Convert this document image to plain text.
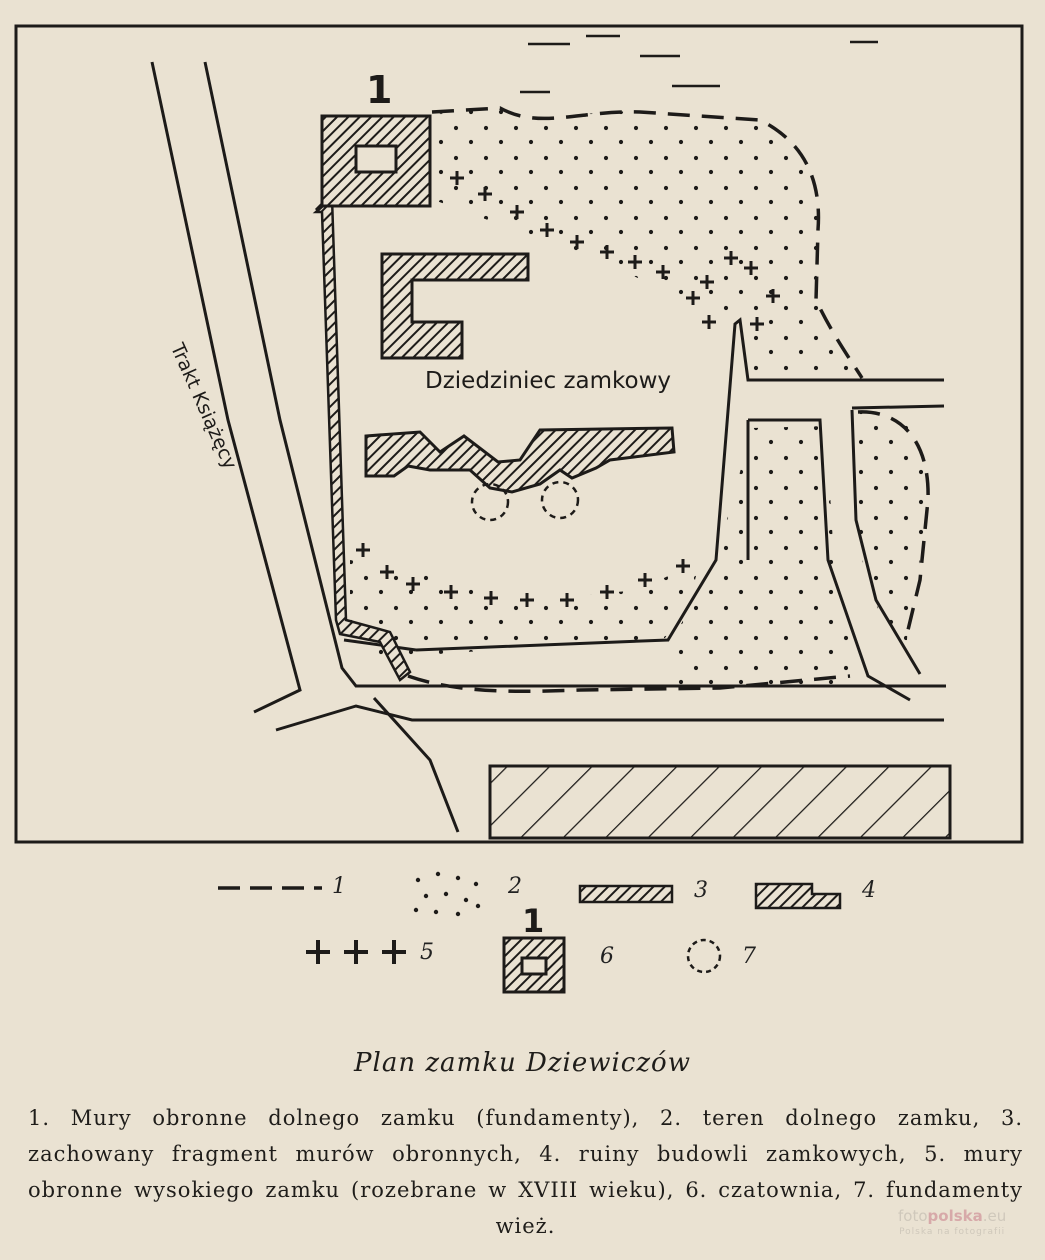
Dziedziniec zamkowy
Trakt Książęcy
1
1	2	3	4
5	6	7
1
Plan zamku Dziewiczów
1. Mury obronne dolnego zamku (fundamenty), 2. teren dolnego zamku, 3. zachowany fragment murów obronnych, 4. ruiny budowli zamkowych, 5. mury obronne wysokiego zamku (rozebrane w XVIII wieku), 6. czatownia, 7. fundamenty wież.	fotopolska.eu
Polska na fotografii
